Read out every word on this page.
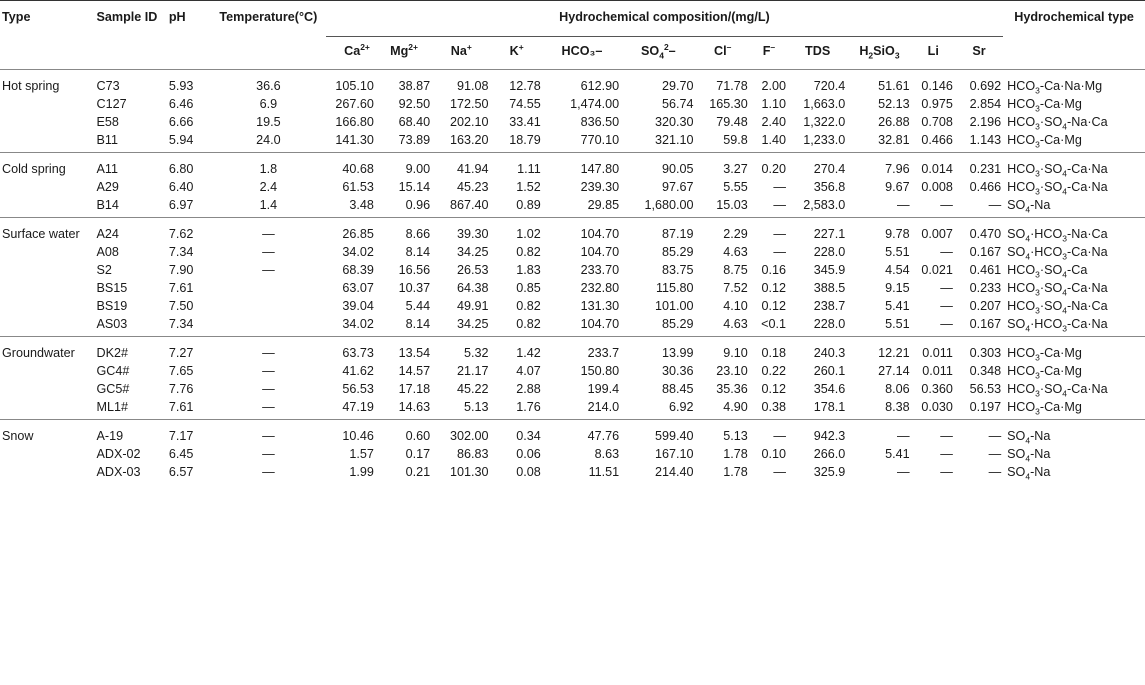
Type	Sample ID	pH	Temperature(°C)	Hydrochemical composition/(mg/L)												Hydrochemical type
				$Ca^{2+}$	$Mg^{2+}$	Na+	K+	HCO₃–	$SO_4^2-$	Cl–	F–	TDS	$H_2SiO_3$	Li	Sr	
Hot spring	C73	5.93	36.6	105.10	38.87	91.08	12.78	612.90	29.70	71.78	2.00	720.4	51.61	0.146	0.692	$HCO_3-Ca\cdot Na\cdot Mg$
	C127	6.46	6.9	267.60	92.50	172.50	74.55	1,474.00	56.74	165.30	1.10	1,663.0	52.13	0.975	2.854	$HCO_3-Ca\cdot Mg$
	E58	6.66	19.5	166.80	68.40	202.10	33.41	836.50	320.30	79.48	2.40	1,322.0	26.88	0.708	2.196	$HCO_3\cdot SO_4-Na\cdot Ca$
	B11	5.94	24.0	141.30	73.89	163.20	18.79	770.10	321.10	59.8	1.40	1,233.0	32.81	0.466	1.143	$HCO_3-Ca\cdot Mg$
Cold spring	A11	6.80	1.8	40.68	9.00	41.94	1.11	147.80	90.05	3.27	0.20	270.4	7.96	0.014	0.231	$HCO_3\cdot SO_4-Ca\cdot Na$
	A29	6.40	2.4	61.53	15.14	45.23	1.52	239.30	97.67	5.55	—	356.8	9.67	0.008	0.466	$HCO_3\cdot SO_4-Ca\cdot Na$
	B14	6.97	1.4	3.48	0.96	867.40	0.89	29.85	1,680.00	15.03	—	2,583.0	—	—	—	$SO_4-Na$
Surface water	A24	7.62	—	26.85	8.66	39.30	1.02	104.70	87.19	2.29	—	227.1	9.78	0.007	0.470	$SO_4\cdot HCO_3-Na\cdot Ca$
	A08	7.34	—	34.02	8.14	34.25	0.82	104.70	85.29	4.63	—	228.0	5.51	—	0.167	$SO_4\cdot HCO_3-Ca\cdot Na$
	S2	7.90	—	68.39	16.56	26.53	1.83	233.70	83.75	8.75	0.16	345.9	4.54	0.021	0.461	$HCO_3\cdot SO_4-Ca$
	BS15	7.61		63.07	10.37	64.38	0.85	232.80	115.80	7.52	0.12	388.5	9.15	—	0.233	$HCO_3\cdot SO_4-Ca\cdot Na$
	BS19	7.50		39.04	5.44	49.91	0.82	131.30	101.00	4.10	0.12	238.7	5.41	—	0.207	$HCO_3\cdot SO_4-Na\cdot Ca$
	AS03	7.34		34.02	8.14	34.25	0.82	104.70	85.29	4.63	<0.1	228.0	5.51	—	0.167	$SO_4\cdot HCO_3-Ca\cdot Na$
Groundwater	DK2#	7.27	—	63.73	13.54	5.32	1.42	233.7	13.99	9.10	0.18	240.3	12.21	0.011	0.303	$HCO_3-Ca\cdot Mg$
	GC4#	7.65	—	41.62	14.57	21.17	4.07	150.80	30.36	23.10	0.22	260.1	27.14	0.011	0.348	$HCO_3-Ca\cdot Mg$
	GC5#	7.76	—	56.53	17.18	45.22	2.88	199.4	88.45	35.36	0.12	354.6	8.06	0.360	56.53	$HCO_3\cdot SO_4-Ca\cdot Na$
	ML1#	7.61	—	47.19	14.63	5.13	1.76	214.0	6.92	4.90	0.38	178.1	8.38	0.030	0.197	$HCO_3-Ca\cdot Mg$
Snow	A-19	7.17	—	10.46	0.60	302.00	0.34	47.76	599.40	5.13	—	942.3	—	—	—	$SO_4-Na$
	ADX-02	6.45	—	1.57	0.17	86.83	0.06	8.63	167.10	1.78	0.10	266.0	5.41	—	—	$SO_4-Na$
	ADX-03	6.57	—	1.99	0.21	101.30	0.08	11.51	214.40	1.78	—	325.9	—	—	—	$SO_4-Na$
